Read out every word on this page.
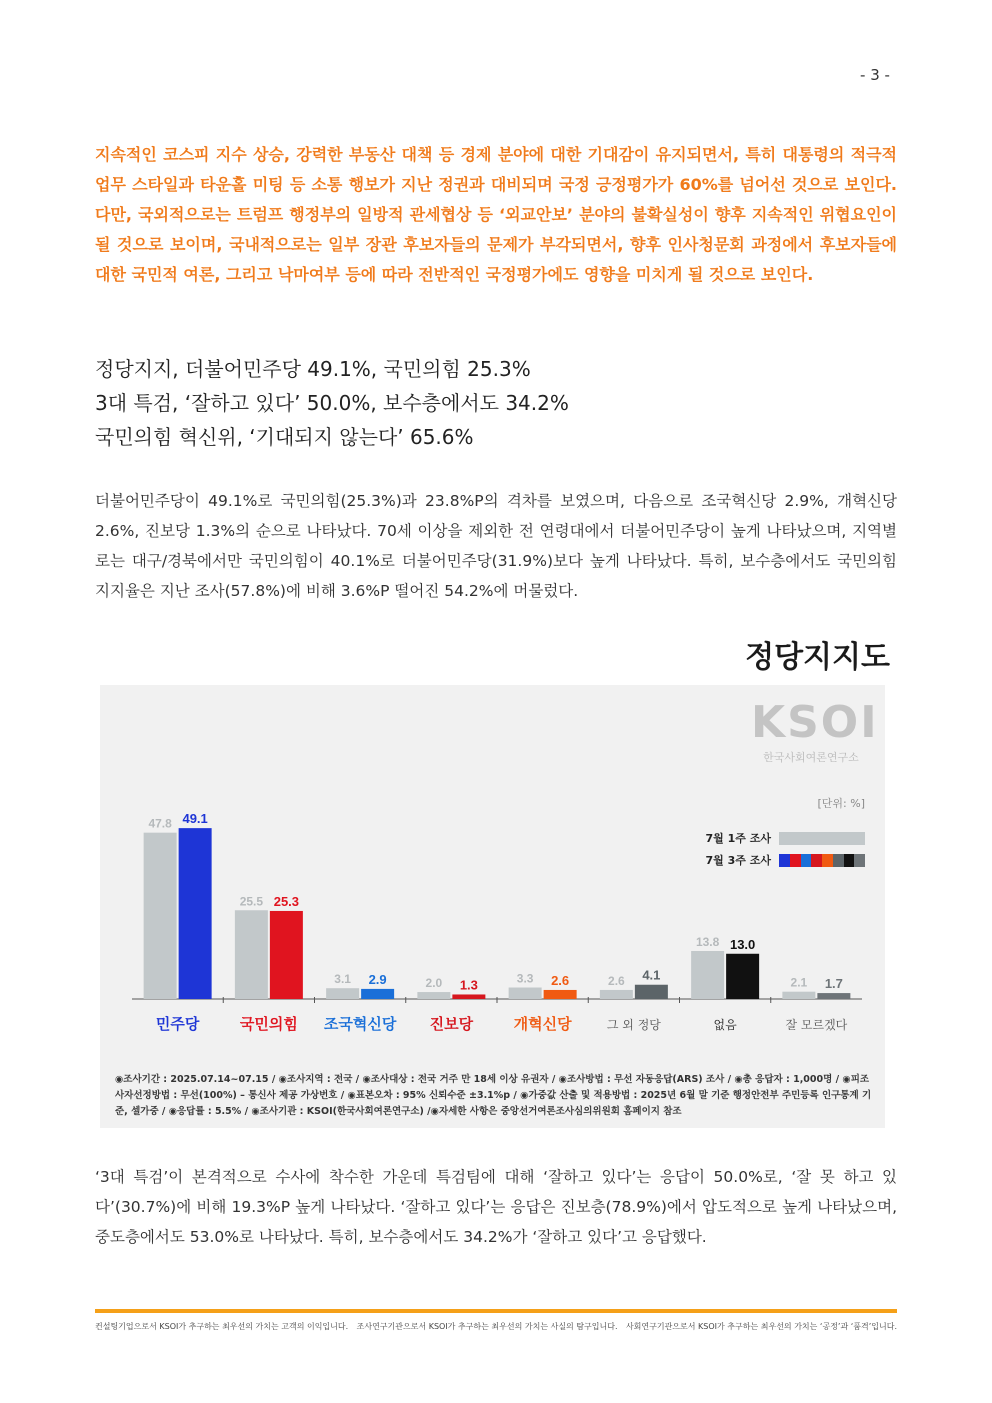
- 3 -
지속적인 코스피 지수 상승, 강력한 부동산 대책 등 경제 분야에 대한 기대감이 유지되면서, 특히 대통령의 적극적 업무 스타일과 타운홀 미팅 등 소통 행보가 지난 정권과 대비되며 국정 긍정평가가 60%를 넘어선 것으로 보인다. 다만, 국외적으로는 트럼프 행정부의 일방적 관세협상 등 ‘외교안보’ 분야의 불확실성이 향후 지속적인 위협요인이 될 것으로 보이며, 국내적으로는 일부 장관 후보자들의 문제가 부각되면서, 향후 인사청문회 과정에서 후보자들에 대한 국민적 여론, 그리고 낙마여부 등에 따라 전반적인 국정평가에도 영향을 미치게 될 것으로 보인다.
정당지지, 더불어민주당 49.1%, 국민의힘 25.3%
3대 특검, ‘잘하고 있다’ 50.0%, 보수층에서도 34.2%
국민의힘 혁신위, ‘기대되지 않는다’ 65.6%
더불어민주당이 49.1%로 국민의힘(25.3%)과 23.8%P의 격차를 보였으며, 다음으로 조국혁신당 2.9%, 개혁신당 2.6%, 진보당 1.3%의 순으로 나타났다. 70세 이상을 제외한 전 연령대에서 더불어민주당이 높게 나타났으며, 지역별로는 대구/경북에서만 국민의힘이 40.1%로 더불어민주당(31.9%)보다 높게 나타났다. 특히, 보수층에서도 국민의힘 지지율은 지난 조사(57.8%)에 비해 3.6%P 떨어진 54.2%에 머물렀다.
정당지지도
KSOI
한국사회여론연구소
[단위: %]
7월 1주 조사
7월 3주 조사
47.8 49.1
민주당
25.5 25.3
국민의힘
3.1 2.9
조국혁신당
2.0 1.3
진보당
3.3 2.6
개혁신당
2.6 4.1
그 외 정당
13.8 13.0
없음
2.1 1.7
잘 모르겠다
◉조사기간 : 2025.07.14~07.15 / ◉조사지역 : 전국 / ◉조사대상 : 전국 거주 만 18세 이상 유권자 / ◉조사방법 : 무선 자동응답(ARS) 조사 / ◉총 응답자 : 1,000명 / ◉피조사자선정방법 : 무선(100%) – 통신사 제공 가상번호 / ◉표본오차 : 95% 신뢰수준 ±3.1%p / ◉가중값 산출 및 적용방법 : 2025년 6월 말 기준 행정안전부 주민등록 인구통계 기준, 셀가중 / ◉응답률 : 5.5% / ◉조사기관 : KSOI(한국사회여론연구소) /◉자세한 사항은 중앙선거여론조사심의위원회 홈페이지 참조
‘3대 특검’이 본격적으로 수사에 착수한 가운데 특검팀에 대해 ‘잘하고 있다’는 응답이 50.0%로, ‘잘 못 하고 있다’(30.7%)에 비해 19.3%P 높게 나타났다. ‘잘하고 있다’는 응답은 진보층(78.9%)에서 압도적으로 높게 나타났으며, 중도층에서도 53.0%로 나타났다. 특히, 보수층에서도 34.2%가 ‘잘하고 있다’고 응답했다.
컨설팅기업으로서 KSOI가 추구하는 최우선의 가치는 고객의 이익입니다. 조사연구기관으로서 KSOI가 추구하는 최우선의 가치는 사실의 탐구입니다. 사회연구기관으로서 KSOI가 추구하는 최우선의 가치는 ‘공정’과 ‘품격’입니다.
